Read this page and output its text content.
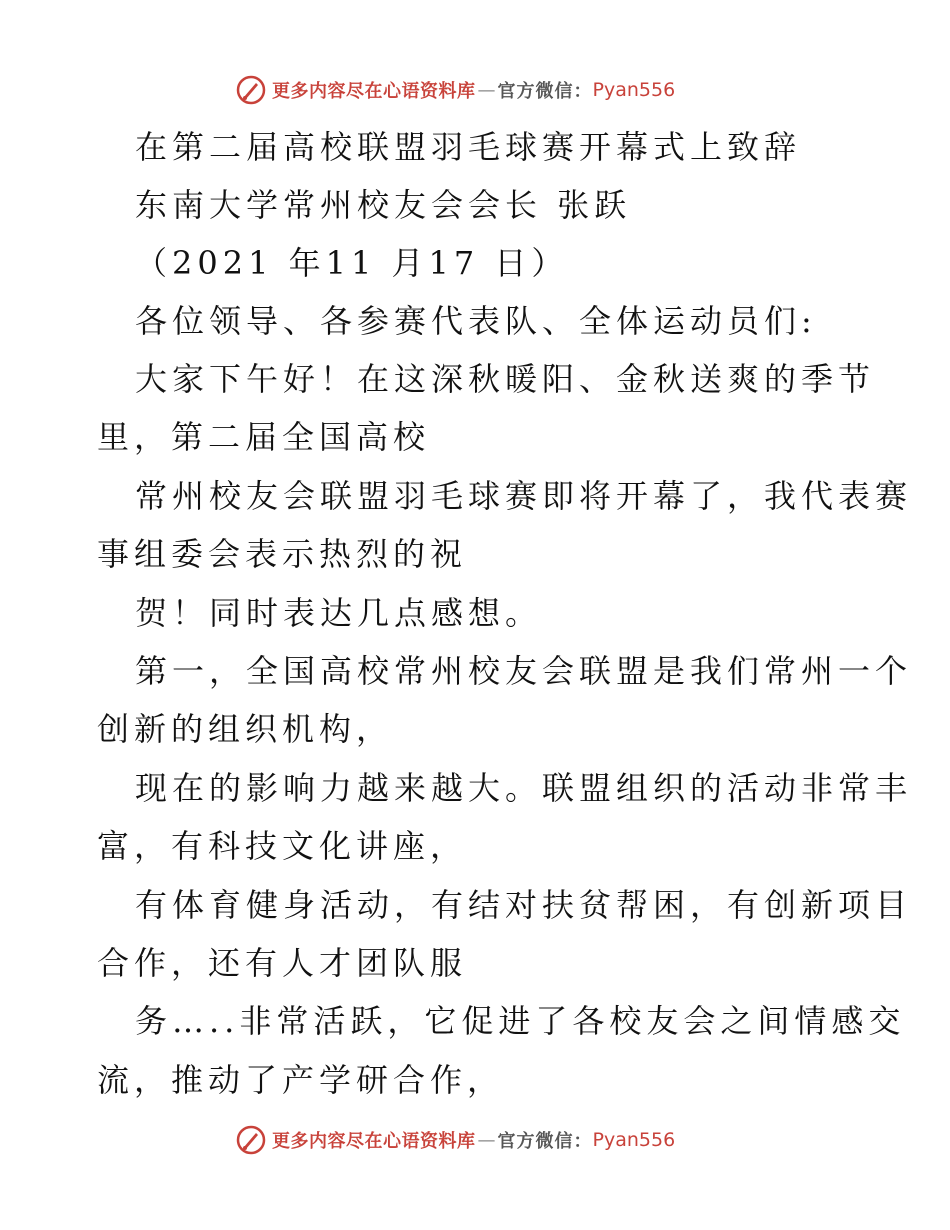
更多内容尽在心语资料库 — 官方微信： Pyan556
在第二届高校联盟羽毛球赛开幕式上致辞
东南大学常州校友会会长 张跃
（2021 年11 月17 日）
各位领导、各参赛代表队、全体运动员们:
大家下午好！在这深秋暖阳、金秋送爽的季节
里，第二届全国高校
常州校友会联盟羽毛球赛即将开幕了，我代表赛
事组委会表示热烈的祝
贺！同时表达几点感想。
第一，全国高校常州校友会联盟是我们常州一个
创新的组织机构，
现在的影响力越来越大。联盟组织的活动非常丰
富，有科技文化讲座，
有体育健身活动，有结对扶贫帮困，有创新项目
合作，还有人才团队服
务…..非常活跃，它促进了各校友会之间情感交
流，推动了产学研合作，
更多内容尽在心语资料库 — 官方微信： Pyan556
